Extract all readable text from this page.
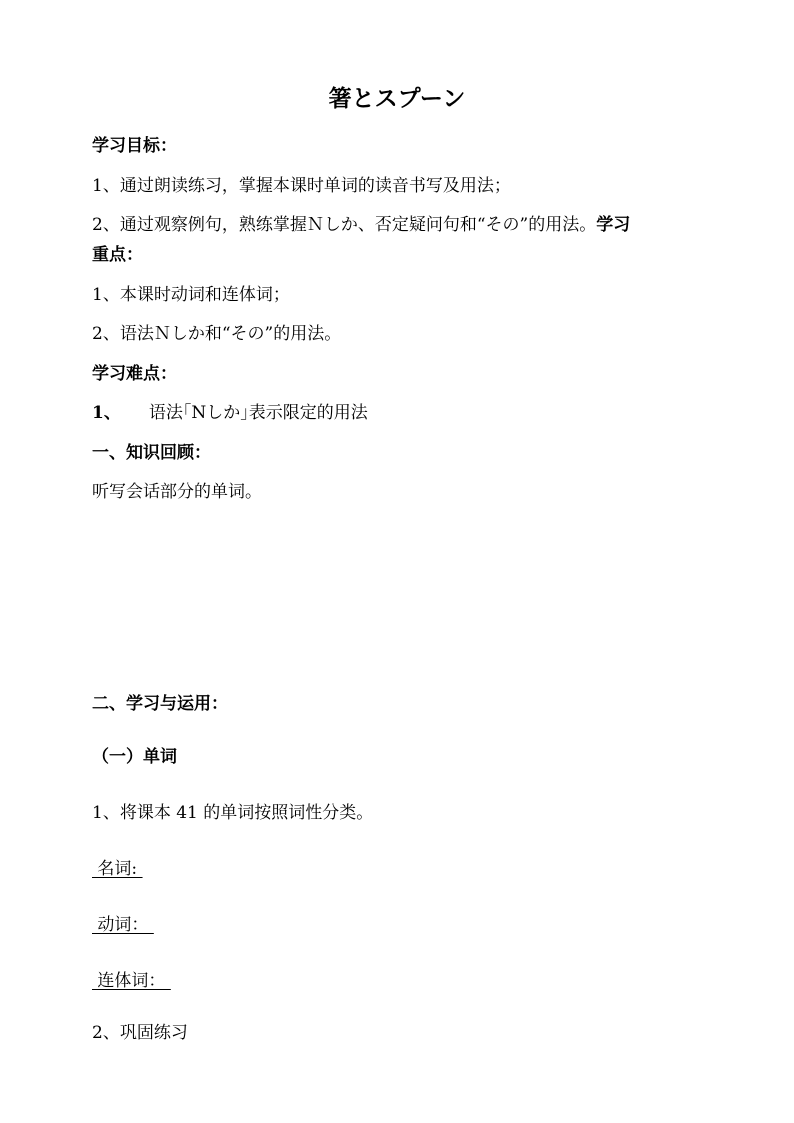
箸とスプーン
学习目标：
1、通过朗读练习，掌握本课时单词的读音书写及用法；
2、通过观察例句，熟练掌握Ｎしか、否定疑问句和“その”的用法。学习
重点：
1、本课时动词和连体词；
2、语法Ｎしか和“その”的用法。
学习难点：
1、 语法｢Nしか｣表示限定的用法
一、知识回顾：
听写会话部分的单词。
二、学习与运用：
（一）单词
1、将课本 41 的单词按照词性分类。
名词:
动词：
连体词：
2、巩固练习
